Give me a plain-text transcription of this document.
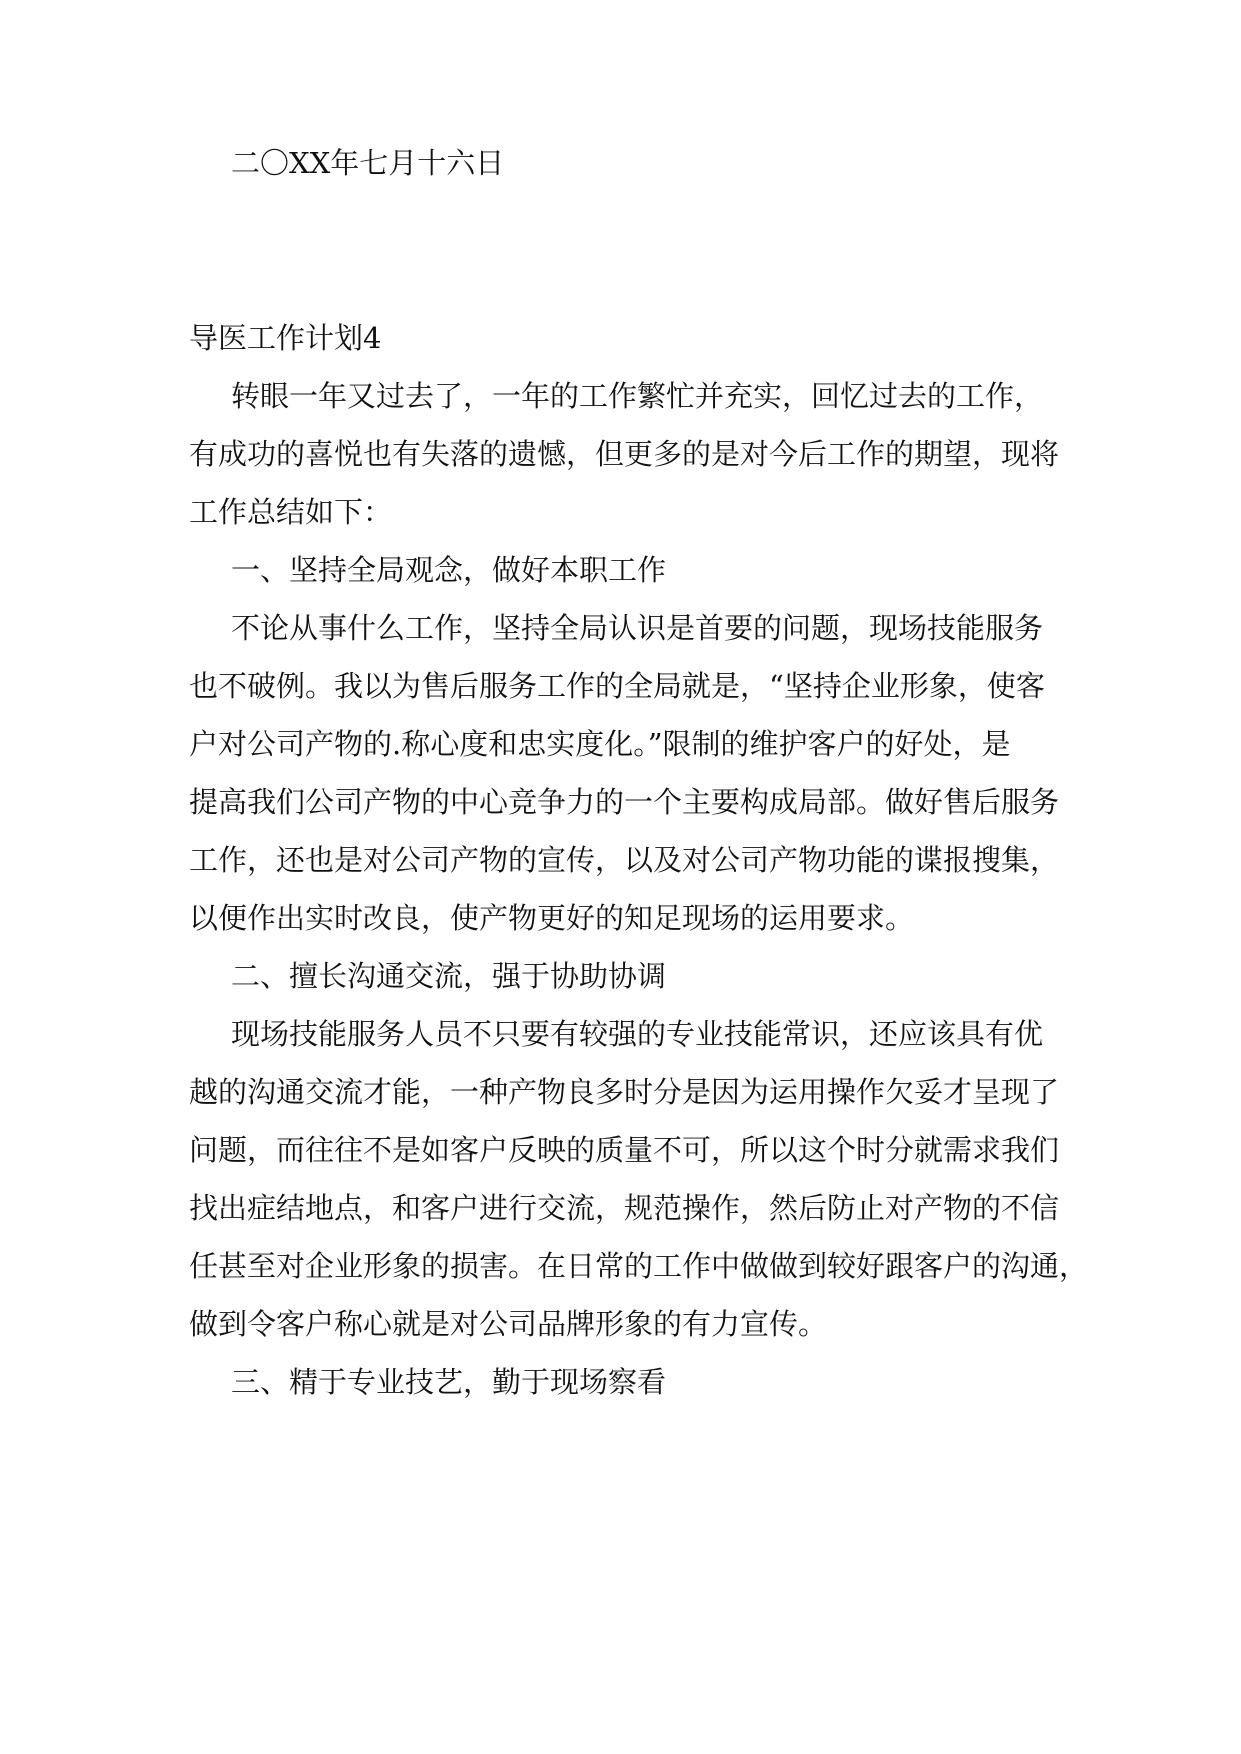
二〇XX年七月十六日

导医工作计划4

转眼一年又过去了，一年的工作繁忙并充实，回忆过去的工作，

有成功的喜悦也有失落的遗憾，但更多的是对今后工作的期望，现将

工作总结如下：

一、坚持全局观念，做好本职工作

不论从事什么工作，坚持全局认识是首要的问题，现场技能服务

也不破例。我以为售后服务工作的全局就是，“坚持企业形象，使客

户对公司产物的.称心度和忠实度化。”限制的维护客户的好处，是

提高我们公司产物的中心竞争力的一个主要构成局部。做好售后服务

工作，还也是对公司产物的宣传，以及对公司产物功能的谍报搜集，

以便作出实时改良，使产物更好的知足现场的运用要求。

二、擅长沟通交流，强于协助协调

现场技能服务人员不只要有较强的专业技能常识，还应该具有优

越的沟通交流才能，一种产物良多时分是因为运用操作欠妥才呈现了

问题，而往往不是如客户反映的质量不可，所以这个时分就需求我们

找出症结地点，和客户进行交流，规范操作，然后防止对产物的不信

任甚至对企业形象的损害。在日常的工作中做做到较好跟客户的沟通，

做到令客户称心就是对公司品牌形象的有力宣传。

三、精于专业技艺，勤于现场察看
